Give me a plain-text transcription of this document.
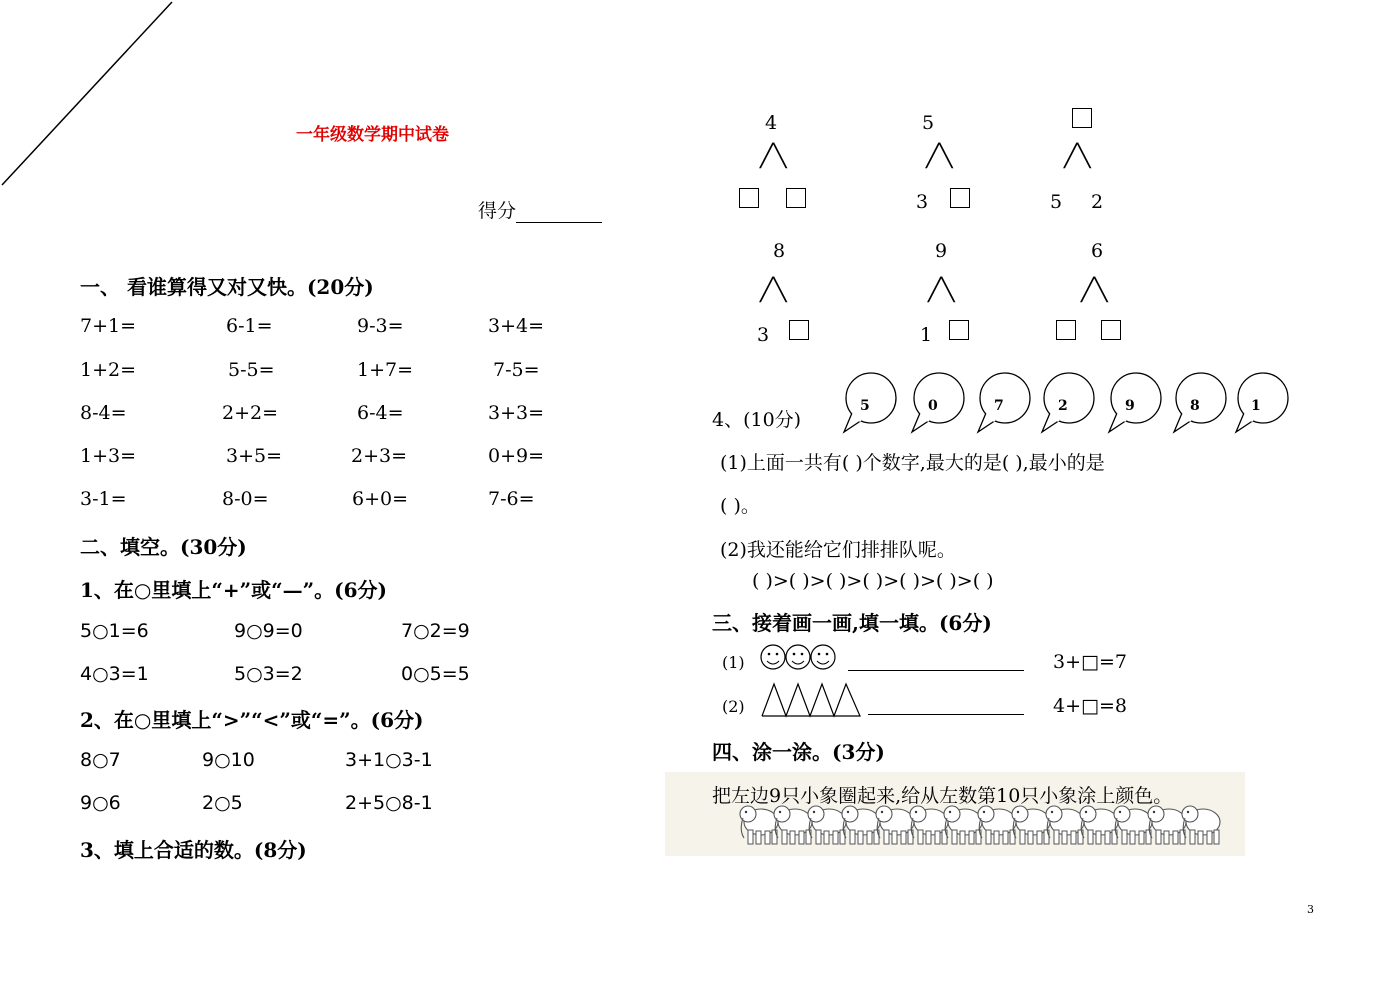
一年级数学期中试卷
得分
一、 看谁算得又对又快。(20分)
7+1=	6-1=	9-3=	3+4=
1+2=	5-5=	1+7=	7-5=
8-4=	2+2=	6-4=	3+3=
1+3=	3+5=	2+3=	0+9=
3-1=	8-0=	6+0=	7-6=
二、填空。(30分)
1、在○里填上“+”或“—”。(6分)
5○1=6	9○9=0	7○2=9
4○3=1	5○3=2	0○5=5
2、在○里填上“>”“<”或“=”。(6分)
8○7	9○10	3+1○3-1
9○6	2○5	2+5○8-1
3、填上合适的数。(8分)
4
╱╲
5
╱╲
3
╱╲
5 2
8
╱╲
3
9
╱╲
1
6
╱╲
4、(10分)
5	0	7	2	9	8	1
(1)上面一共有( )个数字,最大的是( ),最小的是
( )。
(2)我还能给它们排排队呢。
( )>( )>( )>( )>( )>( )>( )
三、接着画一画,填一填。(6分)
(1)	3+□=7
(2)	4+□=8
四、涂一涂。(3分)
把左边9只小象圈起来,给从左数第10只小象涂上颜色。
3
